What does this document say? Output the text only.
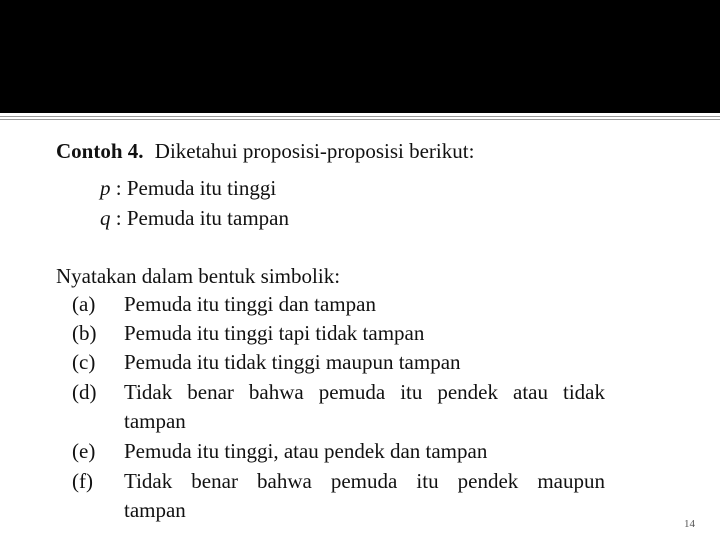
Contoh 4. Diketahui proposisi-proposisi berikut:
p : Pemuda itu tinggi
q : Pemuda itu tampan
Nyatakan dalam bentuk simbolik:
(a) Pemuda itu tinggi dan tampan
(b) Pemuda itu tinggi tapi tidak tampan
(c) Pemuda itu tidak tinggi maupun tampan
(d) Tidak benar bahwa pemuda itu pendek atau tidak
tampan
(e) Pemuda itu tinggi, atau pendek dan tampan
(f) Tidak benar bahwa pemuda itu pendek maupun
tampan
14
